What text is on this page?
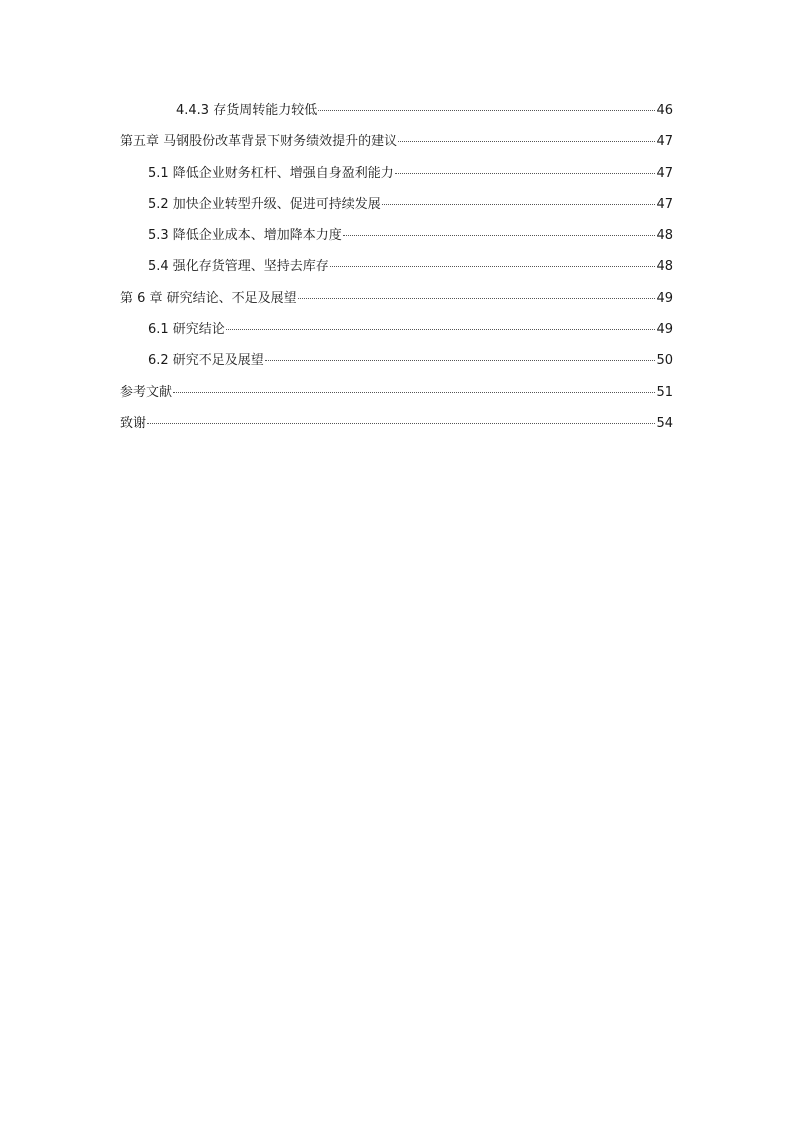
4.4.3 存货周转能力较低	46
第五章 马钢股份改革背景下财务绩效提升的建议	47
5.1 降低企业财务杠杆、增强自身盈利能力	47
5.2 加快企业转型升级、促进可持续发展	47
5.3 降低企业成本、增加降本力度	48
5.4 强化存货管理、坚持去库存	48
第 6 章 研究结论、不足及展望	49
6.1 研究结论	49
6.2 研究不足及展望	50
参考文献	51
致谢	54
